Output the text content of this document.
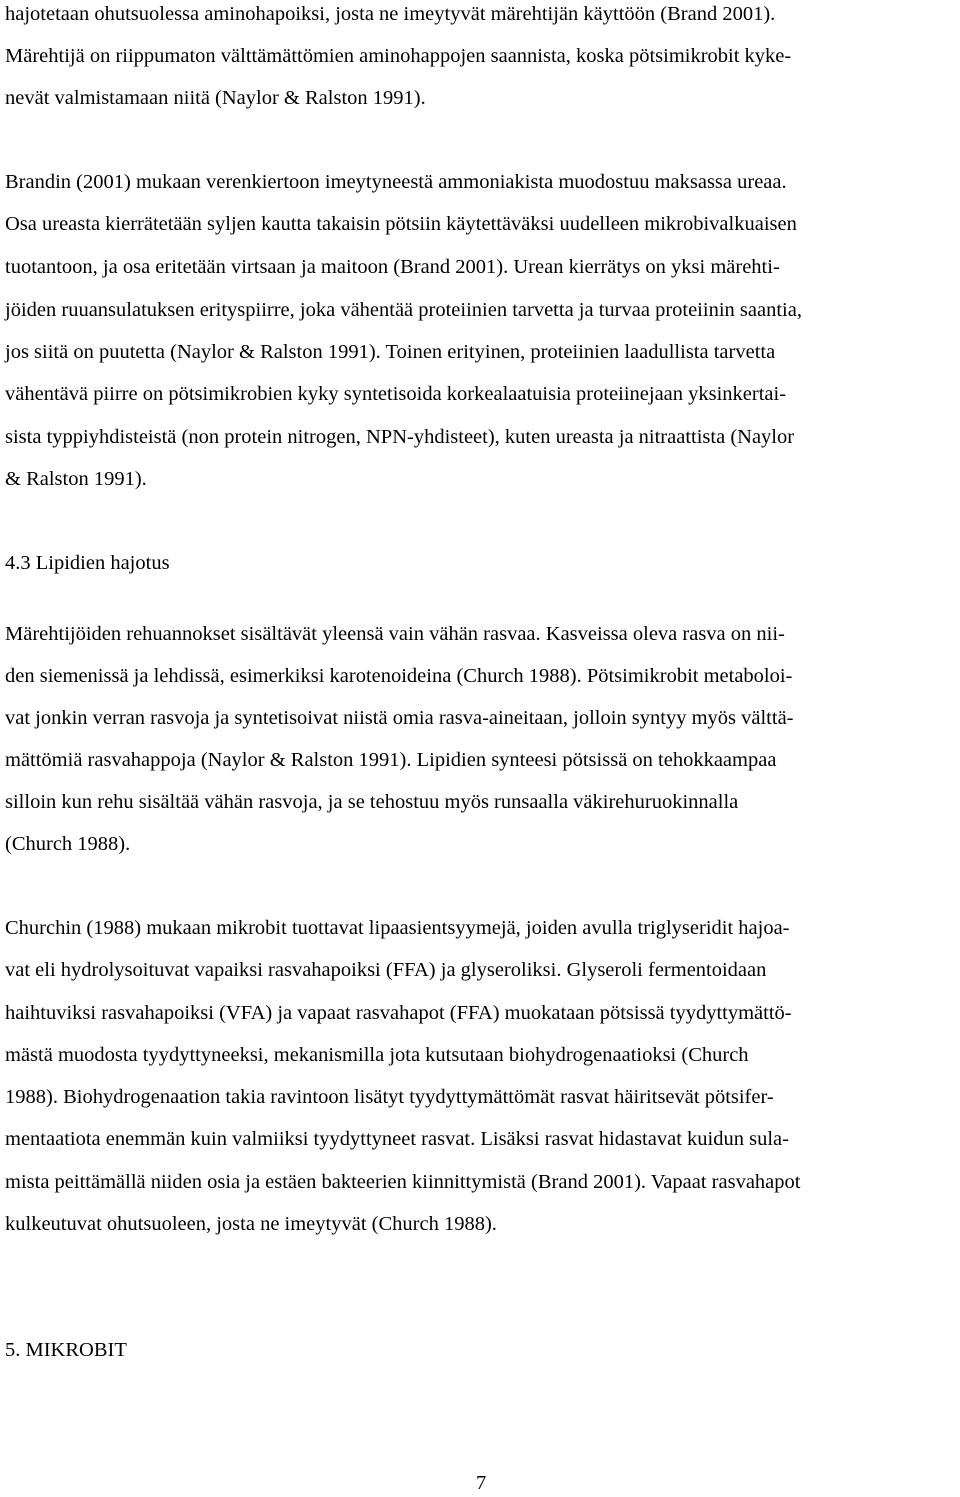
hajotetaan ohutsuolessa aminohapoiksi, josta ne imeytyvät märehtijän käyttöön (Brand 2001).
Märehtijä on riippumaton välttämättömien aminohappojen saannista, koska pötsimikrobit kyke-
nevät valmistamaan niitä (Naylor & Ralston 1991).
Brandin (2001) mukaan verenkiertoon imeytyneestä ammoniakista muodostuu maksassa ureaa.
Osa ureasta kierrätetään syljen kautta takaisin pötsiin käytettäväksi uudelleen mikrobivalkuaisen
tuotantoon, ja osa eritetään virtsaan ja maitoon (Brand 2001). Urean kierrätys on yksi märehti-
jöiden ruuansulatuksen erityspiirre, joka vähentää proteiinien tarvetta ja turvaa proteiinin saantia,
jos siitä on puutetta (Naylor & Ralston 1991). Toinen erityinen, proteiinien laadullista tarvetta
vähentävä piirre on pötsimikrobien kyky syntetisoida korkealaatuisia proteiinejaan yksinkertai-
sista typpiyhdisteistä (non protein nitrogen, NPN-yhdisteet), kuten ureasta ja nitraattista (Naylor
& Ralston 1991).
4.3 Lipidien hajotus
Märehtijöiden rehuannokset sisältävät yleensä vain vähän rasvaa. Kasveissa oleva rasva on nii-
den siemenissä ja lehdissä, esimerkiksi karotenoideina (Church 1988). Pötsimikrobit metaboloi-
vat jonkin verran rasvoja ja syntetisoivat niistä omia rasva-aineitaan, jolloin syntyy myös välttä-
mättömiä rasvahappoja (Naylor & Ralston 1991). Lipidien synteesi pötsissä on tehokkaampaa
silloin kun rehu sisältää vähän rasvoja, ja se tehostuu myös runsaalla väkirehuruokinnalla
(Church 1988).
Churchin (1988) mukaan mikrobit tuottavat lipaasientsyymejä, joiden avulla triglyseridit hajoa-
vat eli hydrolysoituvat vapaiksi rasvahapoiksi (FFA) ja glyseroliksi. Glyseroli fermentoidaan
haihtuviksi rasvahapoiksi (VFA) ja vapaat rasvahapot (FFA) muokataan pötsissä tyydyttymättö-
mästä muodosta tyydyttyneeksi, mekanismilla jota kutsutaan biohydrogenaatioksi (Church
1988). Biohydrogenaation takia ravintoon lisätyt tyydyttymättömät rasvat häiritsevät pötsifer-
mentaatiota enemmän kuin valmiiksi tyydyttyneet rasvat. Lisäksi rasvat hidastavat kuidun sula-
mista peittämällä niiden osia ja estäen bakteerien kiinnittymistä (Brand 2001). Vapaat rasvahapot
kulkeutuvat ohutsuoleen, josta ne imeytyvät (Church 1988).
5. MIKROBIT
7
